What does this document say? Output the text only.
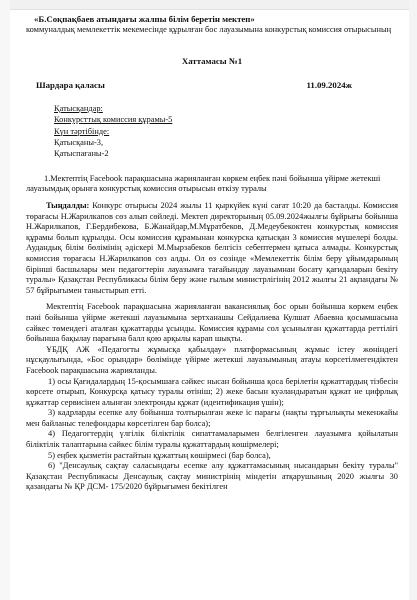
«Б.Соқпақбаев атындағы жалпы білім беретін мектеп»
коммуналдық мемлекеттік мекемесінде құрылған бос лауазымына конкурстық комиссия отырысының
Хаттамасы №1
Шардара қаласы	11.09.2024ж
Қатысқандар:
Конкурсттық комиссия құрамы-5
Күн тәртібінде:
Қатысқаны-3,
Қатыспағаны-2
1.Мектептің Facebook парақшасына жарияланған көркем еңбек пәні бойынша үйірме жетекші лауазымдық орынға конкурстық комиссия отырысын өткізу туралы
Тыңдалды: Конкурс отырысы 2024 жылы 11 қыркүйек күні сағат 10:20 да басталды. Комиссия төрағасы Н.Жарилкапов сөз алып сөйледі. Мектеп директорының 05.09.2024жылғы бұйрығы бойынша Н.Жарилкапов, Г.Бердибекова, Б.Жанайдар,М.Мұратбеков, Д.Медеубекоктен конкурстық комиссия құрамы болып құрылды. Осы комиссия құрамынан конкурска қатысқан 3 комиссия мүшелері болды. Аудандық білім бөлімінің әдіскері М.Мырзабеков белгісіз себептермен қатыса алмады. Конкурстық комиссия төрағасы Н.Жарилкапов сөз алды. Ол өз сөзінде «Мемлекеттік білім беру ұйымдарының бірінші басшылары мен педагогтерін лауазымға тағайындау лауазымнан босату қағидаларын бекіту туралы» Қазақстан Республикасы білім беру және ғылым министрлігінің 2012 жылғы 21 ақпандағы № 57 бұйрығымен таныстырып етті.
Мектептің Facebook парақшасына жарияланған вакансиялық бос орын бойынша көркем еңбек пәні бойынша үйірме жетекші лауазымына зертханашы Сейдалиева Кулшат Абаевна қосымшасына сәйкес төмендегі аталған құжаттарды ұсынды. Комиссия құрамы сол ұсынылған құжаттарда реттілігі бойынша бақылау парағына балл қою арқылы карап шықты.
ҰБДҚ АЖ «Педагогты жұмысқа қабылдау» платформасының жұмыс істеу жөніндегі нұсқаулығында, «Бос орындар» бөлімінде үйірме жетекші лауазымының атауы көрсетілмегендіктен Facebook парақшасына жарияланды.
1) осы Қағидалардың 15-қосымшаға сәйкес нысан бойынша қоса берілетін құжаттардың тізбесін көрсете отырып, Конкурсқа қатысу туралы өтініш; 2) жеке басын куәландыратын құжат не цифрлық құжаттар сервисінен алынған электронды құжат (идентификация үшін);
3) кадрларды есепке алу бойынша толтырылған жеке іс парағы (нақты тұрғылықты мекенжайы мен байланыс телефондары көрсетілген бар болса);
4) Педагогтердің үлгілік біліктілік сипаттамаларымен белгіленген лауазымға қойылатын біліктілік талаптарына сәйкес білім туралы құжаттардың көшірмелері;
5) еңбек қызметін растайтын құжаттың көшірмесі (бар болса),
6) "Денсаулық сақтау саласындағы есепке алу құжаттамасының нысандарын бекіту туралы" Қазақстан Республикасы Денсаулық сақтау министрінің міндетін атқарушының 2020 жылғы 30 қазандағы № ҚР ДСМ- 175/2020 бұйрығымен бекітілген
